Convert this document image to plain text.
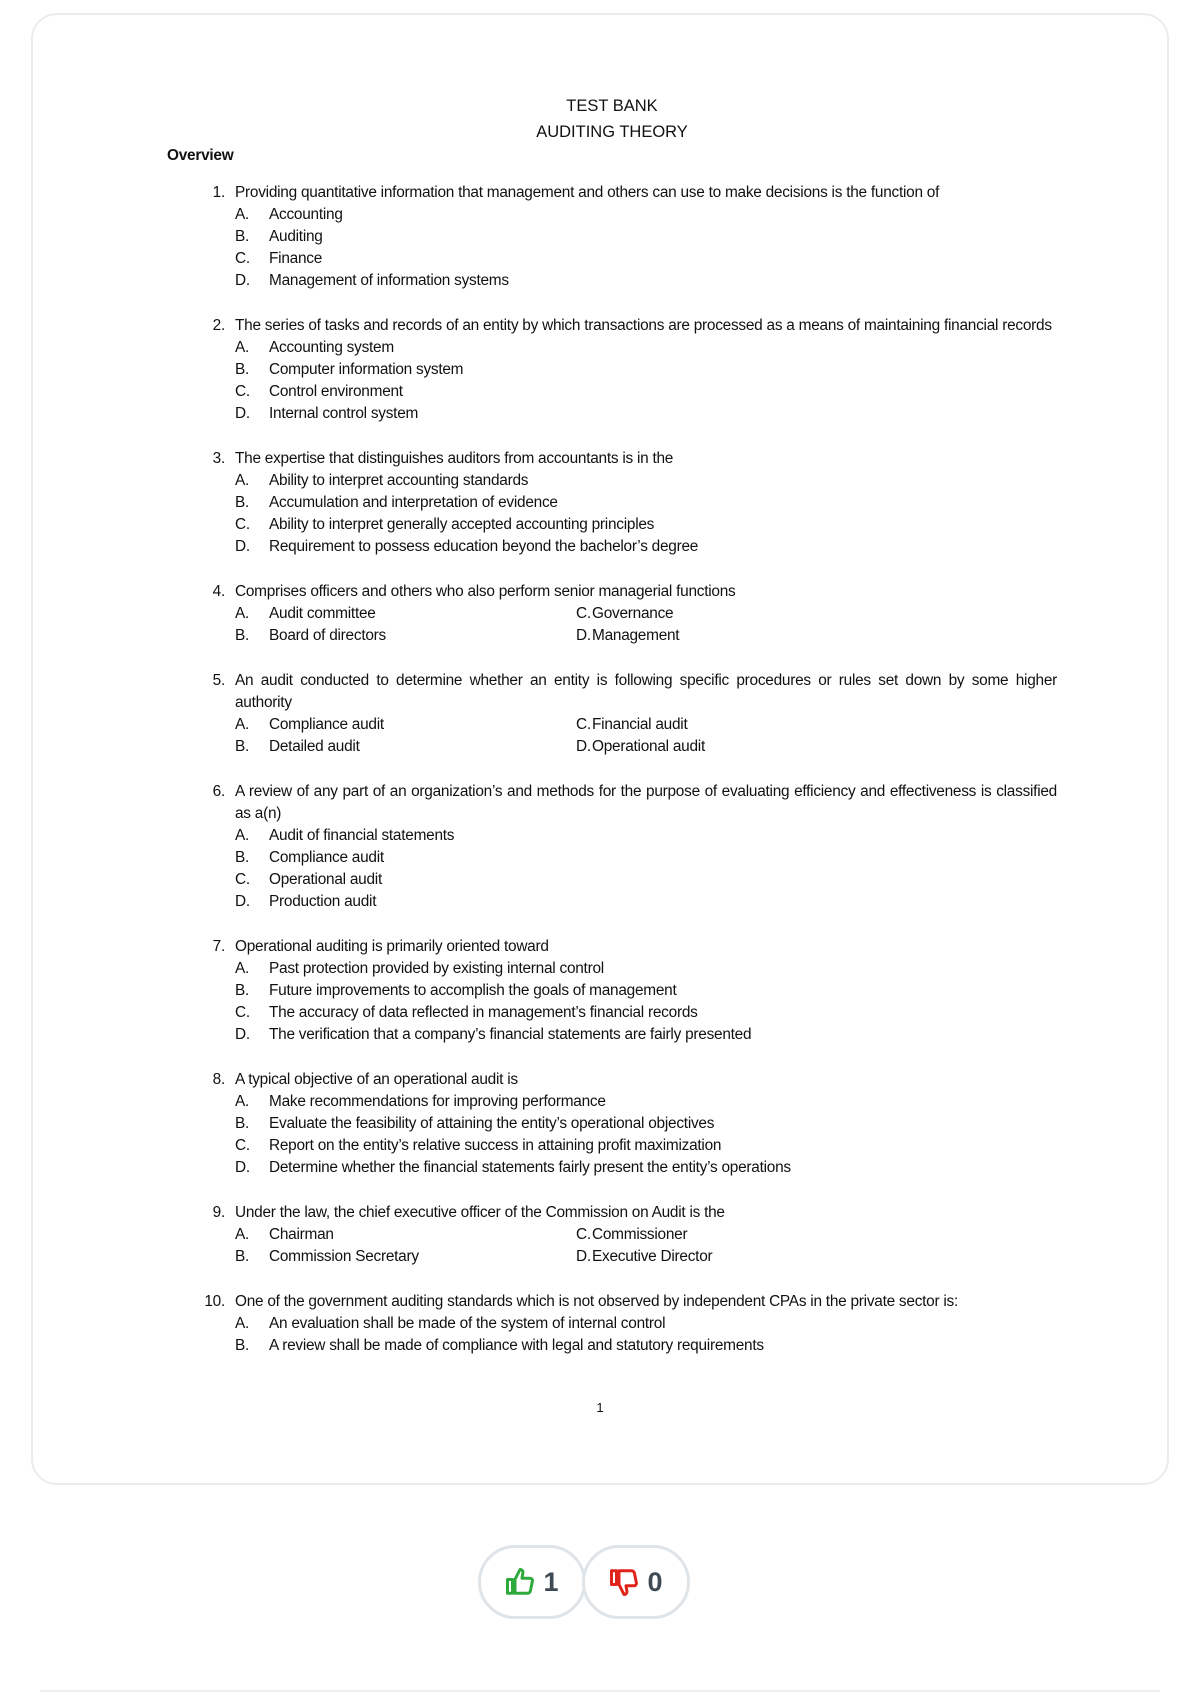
TEST BANK
AUDITING THEORY
Overview
1. Providing quantitative information that management and others can use to make decisions is the function of
A.	Accounting
B.	Auditing
C.	Finance
D.	Management of information systems
2. The series of tasks and records of an entity by which transactions are processed as a means of maintaining financial records
A.	Accounting system
B.	Computer information system
C.	Control environment
D.	Internal control system
3. The expertise that distinguishes auditors from accountants is in the
A.	Ability to interpret accounting standards
B.	Accumulation and interpretation of evidence
C.	Ability to interpret generally accepted accounting principles
D.	Requirement to possess education beyond the bachelor’s degree
4. Comprises officers and others who also perform senior managerial functions
A.	Audit committee	C. Governance
B.	Board of directors	D. Management
5. An audit conducted to determine whether an entity is following specific procedures or rules set down by some higher authority
A.	Compliance audit	C. Financial audit
B.	Detailed audit	D. Operational audit
6. A review of any part of an organization’s and methods for the purpose of evaluating efficiency and effectiveness is classified as a(n)
A.	Audit of financial statements
B.	Compliance audit
C.	Operational audit
D.	Production audit
7. Operational auditing is primarily oriented toward
A.	Past protection provided by existing internal control
B.	Future improvements to accomplish the goals of management
C.	The accuracy of data reflected in management’s financial records
D.	The verification that a company’s financial statements are fairly presented
8. A typical objective of an operational audit is
A.	Make recommendations for improving performance
B.	Evaluate the feasibility of attaining the entity’s operational objectives
C.	Report on the entity’s relative success in attaining profit maximization
D.	Determine whether the financial statements fairly present the entity’s operations
9. Under the law, the chief executive officer of the Commission on Audit is the
A.	Chairman	C. Commissioner
B.	Commission Secretary	D. Executive Director
10. One of the government auditing standards which is not observed by independent CPAs in the private sector is:
A.	An evaluation shall be made of the system of internal control
B.	A review shall be made of compliance with legal and statutory requirements
1
1	0
